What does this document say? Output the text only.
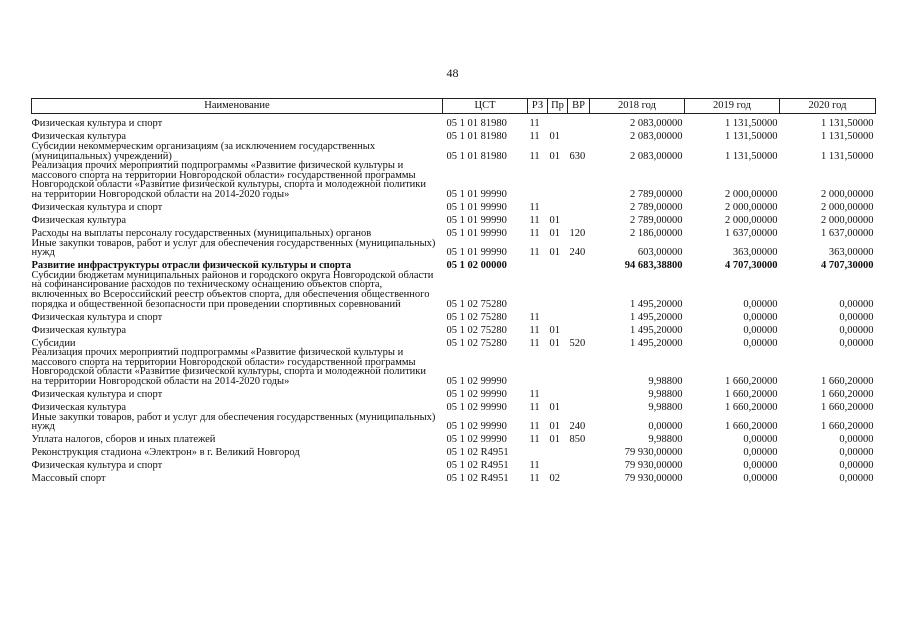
48
Наименование	ЦСТ	РЗ	Пр	ВР	2018 год	2019 год	2020 год
Физическая культура и спорт	05 1 01 81980	11			2 083,00000	1 131,50000	1 131,50000
Физическая культура	05 1 01 81980	11	01		2 083,00000	1 131,50000	1 131,50000
Субсидии некоммерческим организациям (за исключением государственных (муниципальных) учреждений)	05 1 01 81980	11	01	630	2 083,00000	1 131,50000	1 131,50000
Реализация прочих мероприятий подпрограммы «Развитие физической культуры и массового спорта на территории Новгородской области» государственной программы Новгородской области «Развитие физической культуры, спорта и молодежной политики на территории Новгородской области на 2014-2020 годы»	05 1 01 99990				2 789,00000	2 000,00000	2 000,00000
Физическая культура и спорт	05 1 01 99990	11			2 789,00000	2 000,00000	2 000,00000
Физическая культура	05 1 01 99990	11	01		2 789,00000	2 000,00000	2 000,00000
Расходы на выплаты персоналу государственных (муниципальных) органов	05 1 01 99990	11	01	120	2 186,00000	1 637,00000	1 637,00000
Иные закупки товаров, работ и услуг для обеспечения государственных (муниципальных) нужд	05 1 01 99990	11	01	240	603,00000	363,00000	363,00000
Развитие инфраструктуры отрасли физической культуры и спорта	05 1 02 00000				94 683,38800	4 707,30000	4 707,30000
Субсидии бюджетам муниципальных районов и городского округа Новгородской области на софинансирование расходов по техническому оснащению объектов спорта, включенных во Всероссийский реестр объектов спорта, для обеспечения общественного порядка и общественной безопасности при проведении спортивных соревнований	05 1 02 75280				1 495,20000	0,00000	0,00000
Физическая культура и спорт	05 1 02 75280	11			1 495,20000	0,00000	0,00000
Физическая культура	05 1 02 75280	11	01		1 495,20000	0,00000	0,00000
Субсидии	05 1 02 75280	11	01	520	1 495,20000	0,00000	0,00000
Реализация прочих мероприятий подпрограммы «Развитие физической культуры и массового спорта на территории Новгородской области» государственной программы Новгородской области «Развитие физической культуры, спорта и молодежной политики на территории Новгородской области на 2014-2020 годы»	05 1 02 99990				9,98800	1 660,20000	1 660,20000
Физическая культура и спорт	05 1 02 99990	11			9,98800	1 660,20000	1 660,20000
Физическая культура	05 1 02 99990	11	01		9,98800	1 660,20000	1 660,20000
Иные закупки товаров, работ и услуг для обеспечения государственных (муниципальных) нужд	05 1 02 99990	11	01	240	0,00000	1 660,20000	1 660,20000
Уплата налогов, сборов и иных платежей	05 1 02 99990	11	01	850	9,98800	0,00000	0,00000
Реконструкция стадиона «Электрон» в г. Великий Новгород	05 1 02 R4951				79 930,00000	0,00000	0,00000
Физическая культура и спорт	05 1 02 R4951	11			79 930,00000	0,00000	0,00000
Массовый спорт	05 1 02 R4951	11	02		79 930,00000	0,00000	0,00000
